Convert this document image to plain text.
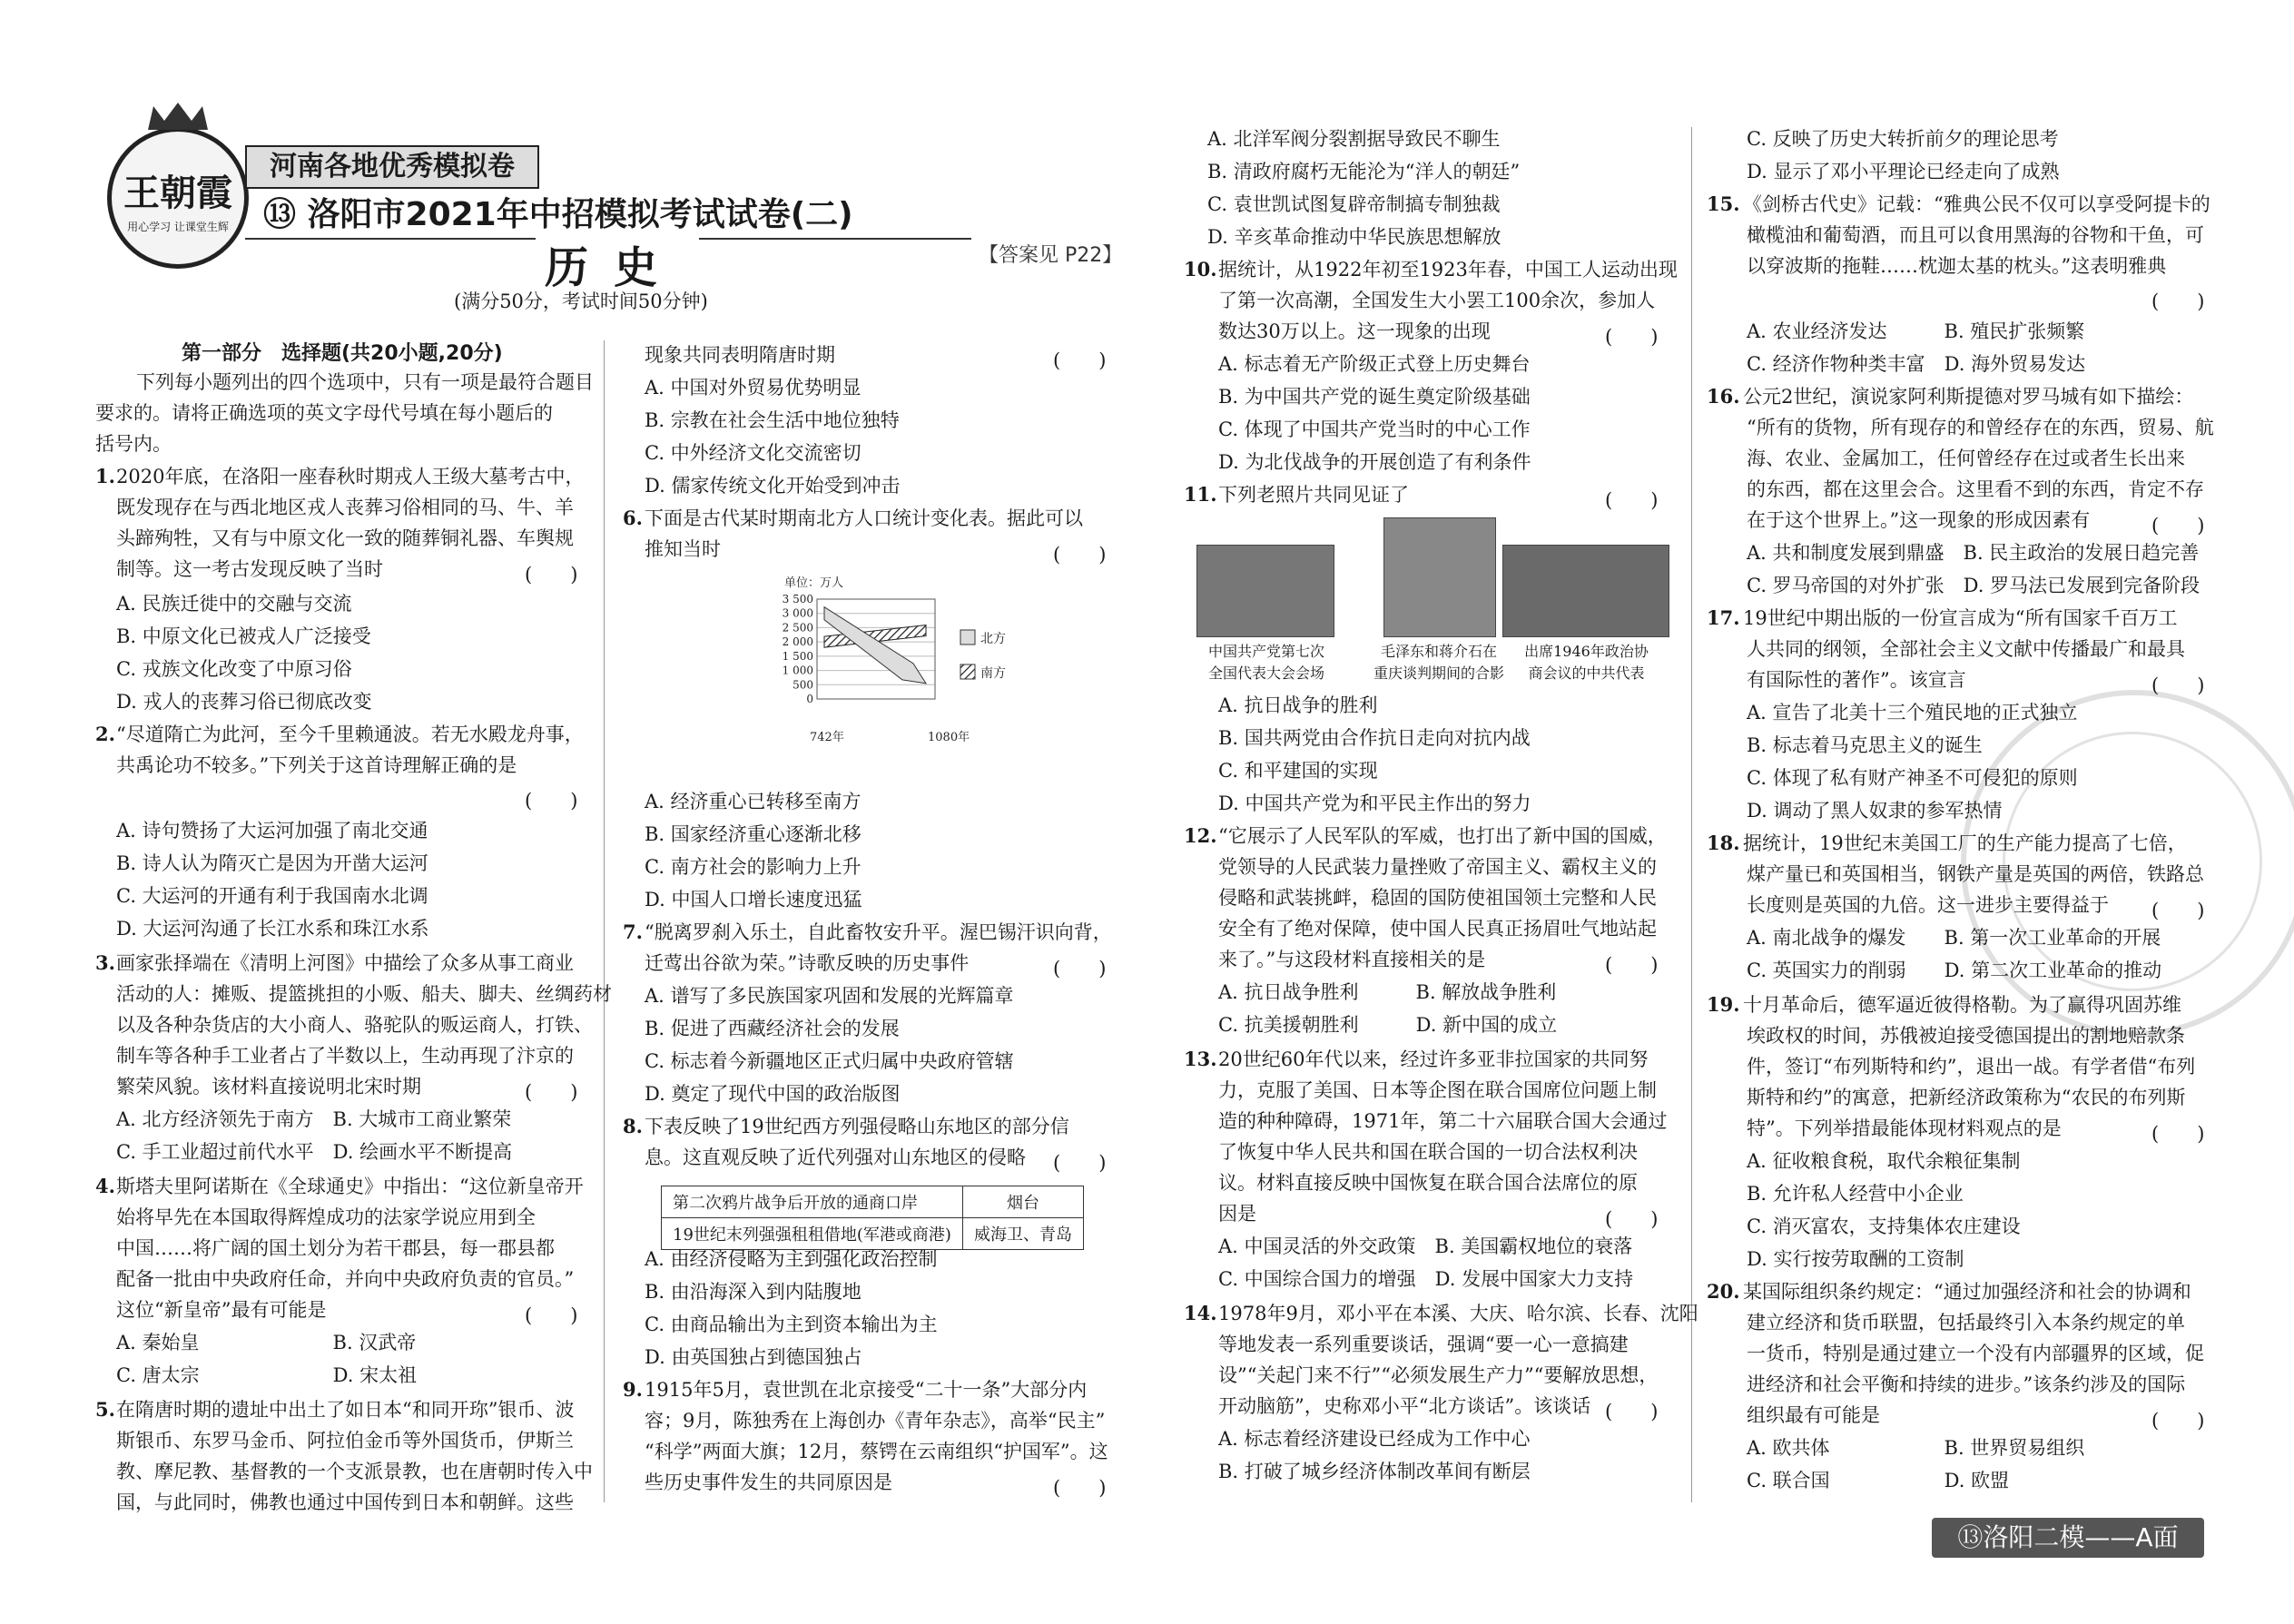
王朝霞
用心学习 让课堂生辉
河南各地优秀模拟卷
⑬ 洛阳市2021年中招模拟考试试卷(二)
历史	【答案见 P22】
(满分50分，考试时间50分钟)
第一部分　选择题(共20小题,20分)
下列每小题列出的四个选项中，只有一项是最符合题目
要求的。请将正确选项的英文字母代号填在每小题后的
括号内。
1. 2020年底，在洛阳一座春秋时期戎人王级大墓考古中，
既发现存在与西北地区戎人丧葬习俗相同的马、牛、羊
头蹄殉牲，又有与中原文化一致的随葬铜礼器、车舆规
制等。这一考古发现反映了当时	(　　)
A. 民族迁徙中的交融与交流
B. 中原文化已被戎人广泛接受
C. 戎族文化改变了中原习俗
D. 戎人的丧葬习俗已彻底改变
2. “尽道隋亡为此河，至今千里赖通波。若无水殿龙舟事，
共禹论功不较多。”下列关于这首诗理解正确的是
(　　)
A. 诗句赞扬了大运河加强了南北交通
B. 诗人认为隋灭亡是因为开凿大运河
C. 大运河的开通有利于我国南水北调
D. 大运河沟通了长江水系和珠江水系
3. 画家张择端在《清明上河图》中描绘了众多从事工商业
活动的人：摊贩、提篮挑担的小贩、船夫、脚夫、丝绸药材
以及各种杂货店的大小商人、骆驼队的贩运商人，打铁、
制车等各种手工业者占了半数以上，生动再现了汴京的
繁荣风貌。该材料直接说明北宋时期	(　　)
A. 北方经济领先于南方　B. 大城市工商业繁荣
C. 手工业超过前代水平　D. 绘画水平不断提高
4. 斯塔夫里阿诺斯在《全球通史》中指出：“这位新皇帝开
始将早先在本国取得辉煌成功的法家学说应用到全
中国……将广阔的国土划分为若干郡县，每一郡县都
配备一批由中央政府任命，并向中央政府负责的官员。”
这位“新皇帝”最有可能是	(　　)
A. 秦始皇　　　　　　　B. 汉武帝
C. 唐太宗　　　　　　　D. 宋太祖
5. 在隋唐时期的遗址中出土了如日本“和同开珎”银币、波
斯银币、东罗马金币、阿拉伯金币等外国货币，伊斯兰
教、摩尼教、基督教的一个支派景教，也在唐朝时传入中
国，与此同时，佛教也通过中国传到日本和朝鲜。这些
现象共同表明隋唐时期	(　　)
A. 中国对外贸易优势明显
B. 宗教在社会生活中地位独特
C. 中外经济文化交流密切
D. 儒家传统文化开始受到冲击
6. 下面是古代某时期南北方人口统计变化表。据此可以
推知当时	(　　)
单位：万人
3 500
3 000
2 500
2 000
1 500
1 000
500
0
742年	1080年
北方
南方
A. 经济重心已转移至南方
B. 国家经济重心逐渐北移
C. 南方社会的影响力上升
D. 中国人口增长速度迅猛
7. “脱离罗刹入乐土，自此畜牧安升平。渥巴锡汗识向背，
迁莺出谷欲为荣。”诗歌反映的历史事件	(　　)
A. 谱写了多民族国家巩固和发展的光辉篇章
B. 促进了西藏经济社会的发展
C. 标志着今新疆地区正式归属中央政府管辖
D. 奠定了现代中国的政治版图
8. 下表反映了19世纪西方列强侵略山东地区的部分信
息。这直观反映了近代列强对山东地区的侵略 (　　)
第二次鸦片战争后开放的通商口岸	烟台
19世纪末列强强租租借地(军港或商港)	威海卫、青岛
A. 由经济侵略为主到强化政治控制
B. 由沿海深入到内陆腹地
C. 由商品输出为主到资本输出为主
D. 由英国独占到德国独占
9. 1915年5月，袁世凯在北京接受“二十一条”大部分内
容；9月，陈独秀在上海创办《青年杂志》，高举“民主”
“科学”两面大旗；12月，蔡锷在云南组织“护国军”。这
些历史事件发生的共同原因是	(　　)
A. 北洋军阀分裂割据导致民不聊生
B. 清政府腐朽无能沦为“洋人的朝廷”
C. 袁世凯试图复辟帝制搞专制独裁
D. 辛亥革命推动中华民族思想解放
10. 据统计，从1922年初至1923年春，中国工人运动出现
了第一次高潮，全国发生大小罢工100余次，参加人
数达30万以上。这一现象的出现	(　　)
A. 标志着无产阶级正式登上历史舞台
B. 为中国共产党的诞生奠定阶级基础
C. 体现了中国共产党当时的中心工作
D. 为北伐战争的开展创造了有利条件
11. 下列老照片共同见证了	(　　)
中国共产党第七次
全国代表大会会场
毛泽东和蒋介石在
重庆谈判期间的合影
出席1946年政治协
商会议的中共代表
A. 抗日战争的胜利
B. 国共两党由合作抗日走向对抗内战
C. 和平建国的实现
D. 中国共产党为和平民主作出的努力
12. “它展示了人民军队的军威，也打出了新中国的国威，
党领导的人民武装力量挫败了帝国主义、霸权主义的
侵略和武装挑衅，稳固的国防使祖国领土完整和人民
安全有了绝对保障，使中国人民真正扬眉吐气地站起
来了。”与这段材料直接相关的是	(　　)
A. 抗日战争胜利　　　B. 解放战争胜利
C. 抗美援朝胜利　　　D. 新中国的成立
13. 20世纪60年代以来，经过许多亚非拉国家的共同努
力，克服了美国、日本等企图在联合国席位问题上制
造的种种障碍，1971年，第二十六届联合国大会通过
了恢复中华人民共和国在联合国的一切合法权利决
议。材料直接反映中国恢复在联合国合法席位的原
因是	(　　)
A. 中国灵活的外交政策　B. 美国霸权地位的衰落
C. 中国综合国力的增强　D. 发展中国家大力支持
14. 1978年9月，邓小平在本溪、大庆、哈尔滨、长春、沈阳
等地发表一系列重要谈话，强调“要一心一意搞建
设”“关起门来不行”“必须发展生产力”“要解放思想，
开动脑筋”，史称邓小平“北方谈话”。该谈话 (　　)
A. 标志着经济建设已经成为工作中心
B. 打破了城乡经济体制改革间有断层
C. 反映了历史大转折前夕的理论思考
D. 显示了邓小平理论已经走向了成熟
15. 《剑桥古代史》记载：“雅典公民不仅可以享受阿提卡的
橄榄油和葡萄酒，而且可以食用黑海的谷物和干鱼，可
以穿波斯的拖鞋……枕迦太基的枕头。”这表明雅典
(　　)
A. 农业经济发达　　　B. 殖民扩张频繁
C. 经济作物种类丰富　D. 海外贸易发达
16. 公元2世纪，演说家阿利斯提德对罗马城有如下描绘：
“所有的货物，所有现存的和曾经存在的东西，贸易、航
海、农业、金属加工，任何曾经存在过或者生长出来
的东西，都在这里会合。这里看不到的东西，肯定不存
在于这个世界上。”这一现象的形成因素有	(　　)
A. 共和制度发展到鼎盛　B. 民主政治的发展日趋完善
C. 罗马帝国的对外扩张　D. 罗马法已发展到完备阶段
17. 19世纪中期出版的一份宣言成为“所有国家千百万工
人共同的纲领，全部社会主义文献中传播最广和最具
有国际性的著作”。该宣言	(　　)
A. 宣告了北美十三个殖民地的正式独立
B. 标志着马克思主义的诞生
C. 体现了私有财产神圣不可侵犯的原则
D. 调动了黑人奴隶的参军热情
18. 据统计，19世纪末美国工厂的生产能力提高了七倍，
煤产量已和英国相当，钢铁产量是英国的两倍，铁路总
长度则是英国的九倍。这一进步主要得益于 (　　)
A. 南北战争的爆发　　B. 第一次工业革命的开展
C. 英国实力的削弱　　D. 第二次工业革命的推动
19. 十月革命后，德军逼近彼得格勒。为了赢得巩固苏维
埃政权的时间，苏俄被迫接受德国提出的割地赔款条
件，签订“布列斯特和约”，退出一战。有学者借“布列
斯特和约”的寓意，把新经济政策称为“农民的布列斯
特”。下列举措最能体现材料观点的是	(　　)
A. 征收粮食税，取代余粮征集制
B. 允许私人经营中小企业
C. 消灭富农，支持集体农庄建设
D. 实行按劳取酬的工资制
20. 某国际组织条约规定：“通过加强经济和社会的协调和
建立经济和货币联盟，包括最终引入本条约规定的单
一货币，特别是通过建立一个没有内部疆界的区域，促
进经济和社会平衡和持续的进步。”该条约涉及的国际
组织最有可能是	(　　)
A. 欧共体　　　　　　B. 世界贸易组织
C. 联合国　　　　　　D. 欧盟
⑬洛阳二模——A面
